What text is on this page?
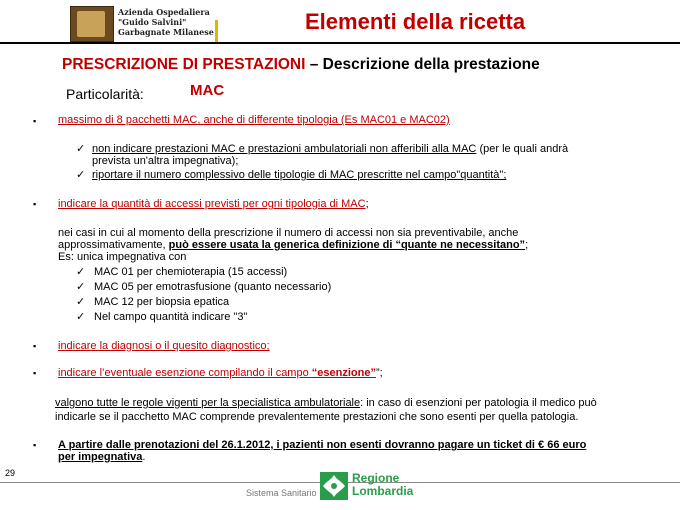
Azienda Ospedaliera
"Guido Salvini"
Garbagnate Milanese	Elementi della ricetta
PRESCRIZIONE DI PRESTAZIONI – Descrizione della prestazione
Particolarità:	MAC
▪ massimo di 8 pacchetti MAC, anche di differente tipologia (Es MAC01 e MAC02)
✓ non indicare prestazioni MAC e prestazioni ambulatoriali non afferibili alla MAC (per le quali andrà
prevista un'altra impegnativa);
✓ riportare il numero complessivo delle tipologie di MAC prescritte nel campo"quantità";
▪ indicare la quantità di accessi previsti per ogni tipologia di MAC;
nei casi in cui al momento della prescrizione il numero di accessi non sia preventivabile, anche
approssimativamente, può essere usata la generica definizione di “quante ne necessitano”;
Es: unica impegnativa con
✓ MAC 01 per chemioterapia (15 accessi)
✓ MAC 05 per emotrasfusione (quanto necessario)
✓ MAC 12 per biopsia epatica
✓ Nel campo quantità indicare "3"
▪ indicare la diagnosi o il quesito diagnostico;
▪ indicare l’eventuale esenzione compilando il campo “esenzione””;
valgono tutte le regole vigenti per la specialistica ambulatoriale: in caso di esenzioni per patologia il medico può
indicarle se il pacchetto MAC comprende prevalentemente prestazioni che sono esenti per quella patologia.
▪ A partire dalle prenotazioni del 26.1.2012, i pazienti non esenti dovranno pagare un ticket di € 66 euro
per impegnativa.
29
Sistema Sanitario
Regione
Lombardia
